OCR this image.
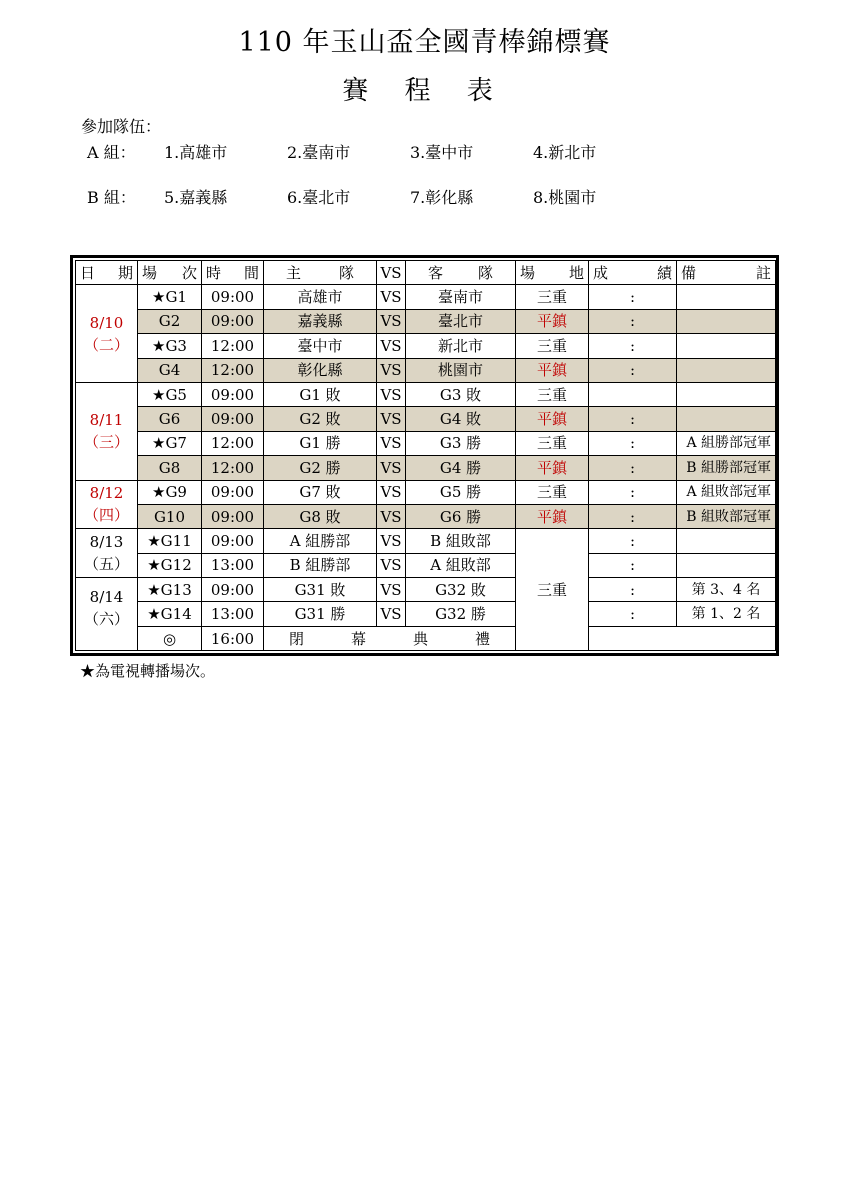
110 年玉山盃全國青棒錦標賽
賽 程 表
參加隊伍：
A 組： 1.高雄市	2.臺南市	3.臺中市	4.新北市
B 組： 5.嘉義縣	6.臺北市	7.彰化縣	8.桃園市
日 期	場 次	時 間	主 隊	VS	客 隊	場 地	成 績	備 註

8/10
（二）	★G1	09:00	高雄市	VS	臺南市	三重	:	
	G2	09:00	嘉義縣	VS	臺北市	平鎮	:	
	★G3	12:00	臺中市	VS	新北市	三重	:	
	G4	12:00	彰化縣	VS	桃園市	平鎮	:	

8/11
（三）	★G5	09:00	G1 敗	VS	G3 敗	三重		
	G6	09:00	G2 敗	VS	G4 敗	平鎮	:	
	★G7	12:00	G1 勝	VS	G3 勝	三重	:	A 組勝部冠軍
	G8	12:00	G2 勝	VS	G4 勝	平鎮	:	B 組勝部冠軍

8/12
（四）	★G9	09:00	G7 敗	VS	G5 勝	三重	:	A 組敗部冠軍
	G10	09:00	G8 敗	VS	G6 勝	平鎮	:	B 組敗部冠軍

8/13
（五）	★G11	09:00	A 組勝部	VS	B 組敗部	三重	:	
	★G12	13:00	B 組勝部	VS	A 組敗部		:	

8/14
（六）	★G13	09:00	G31 敗	VS	G32 敗		:	第 3、4 名
	★G14	13:00	G31 勝	VS	G32 勝		:	第 1、2 名
	◎	16:00	閉 幕 典 禮					
★為電視轉播場次。
